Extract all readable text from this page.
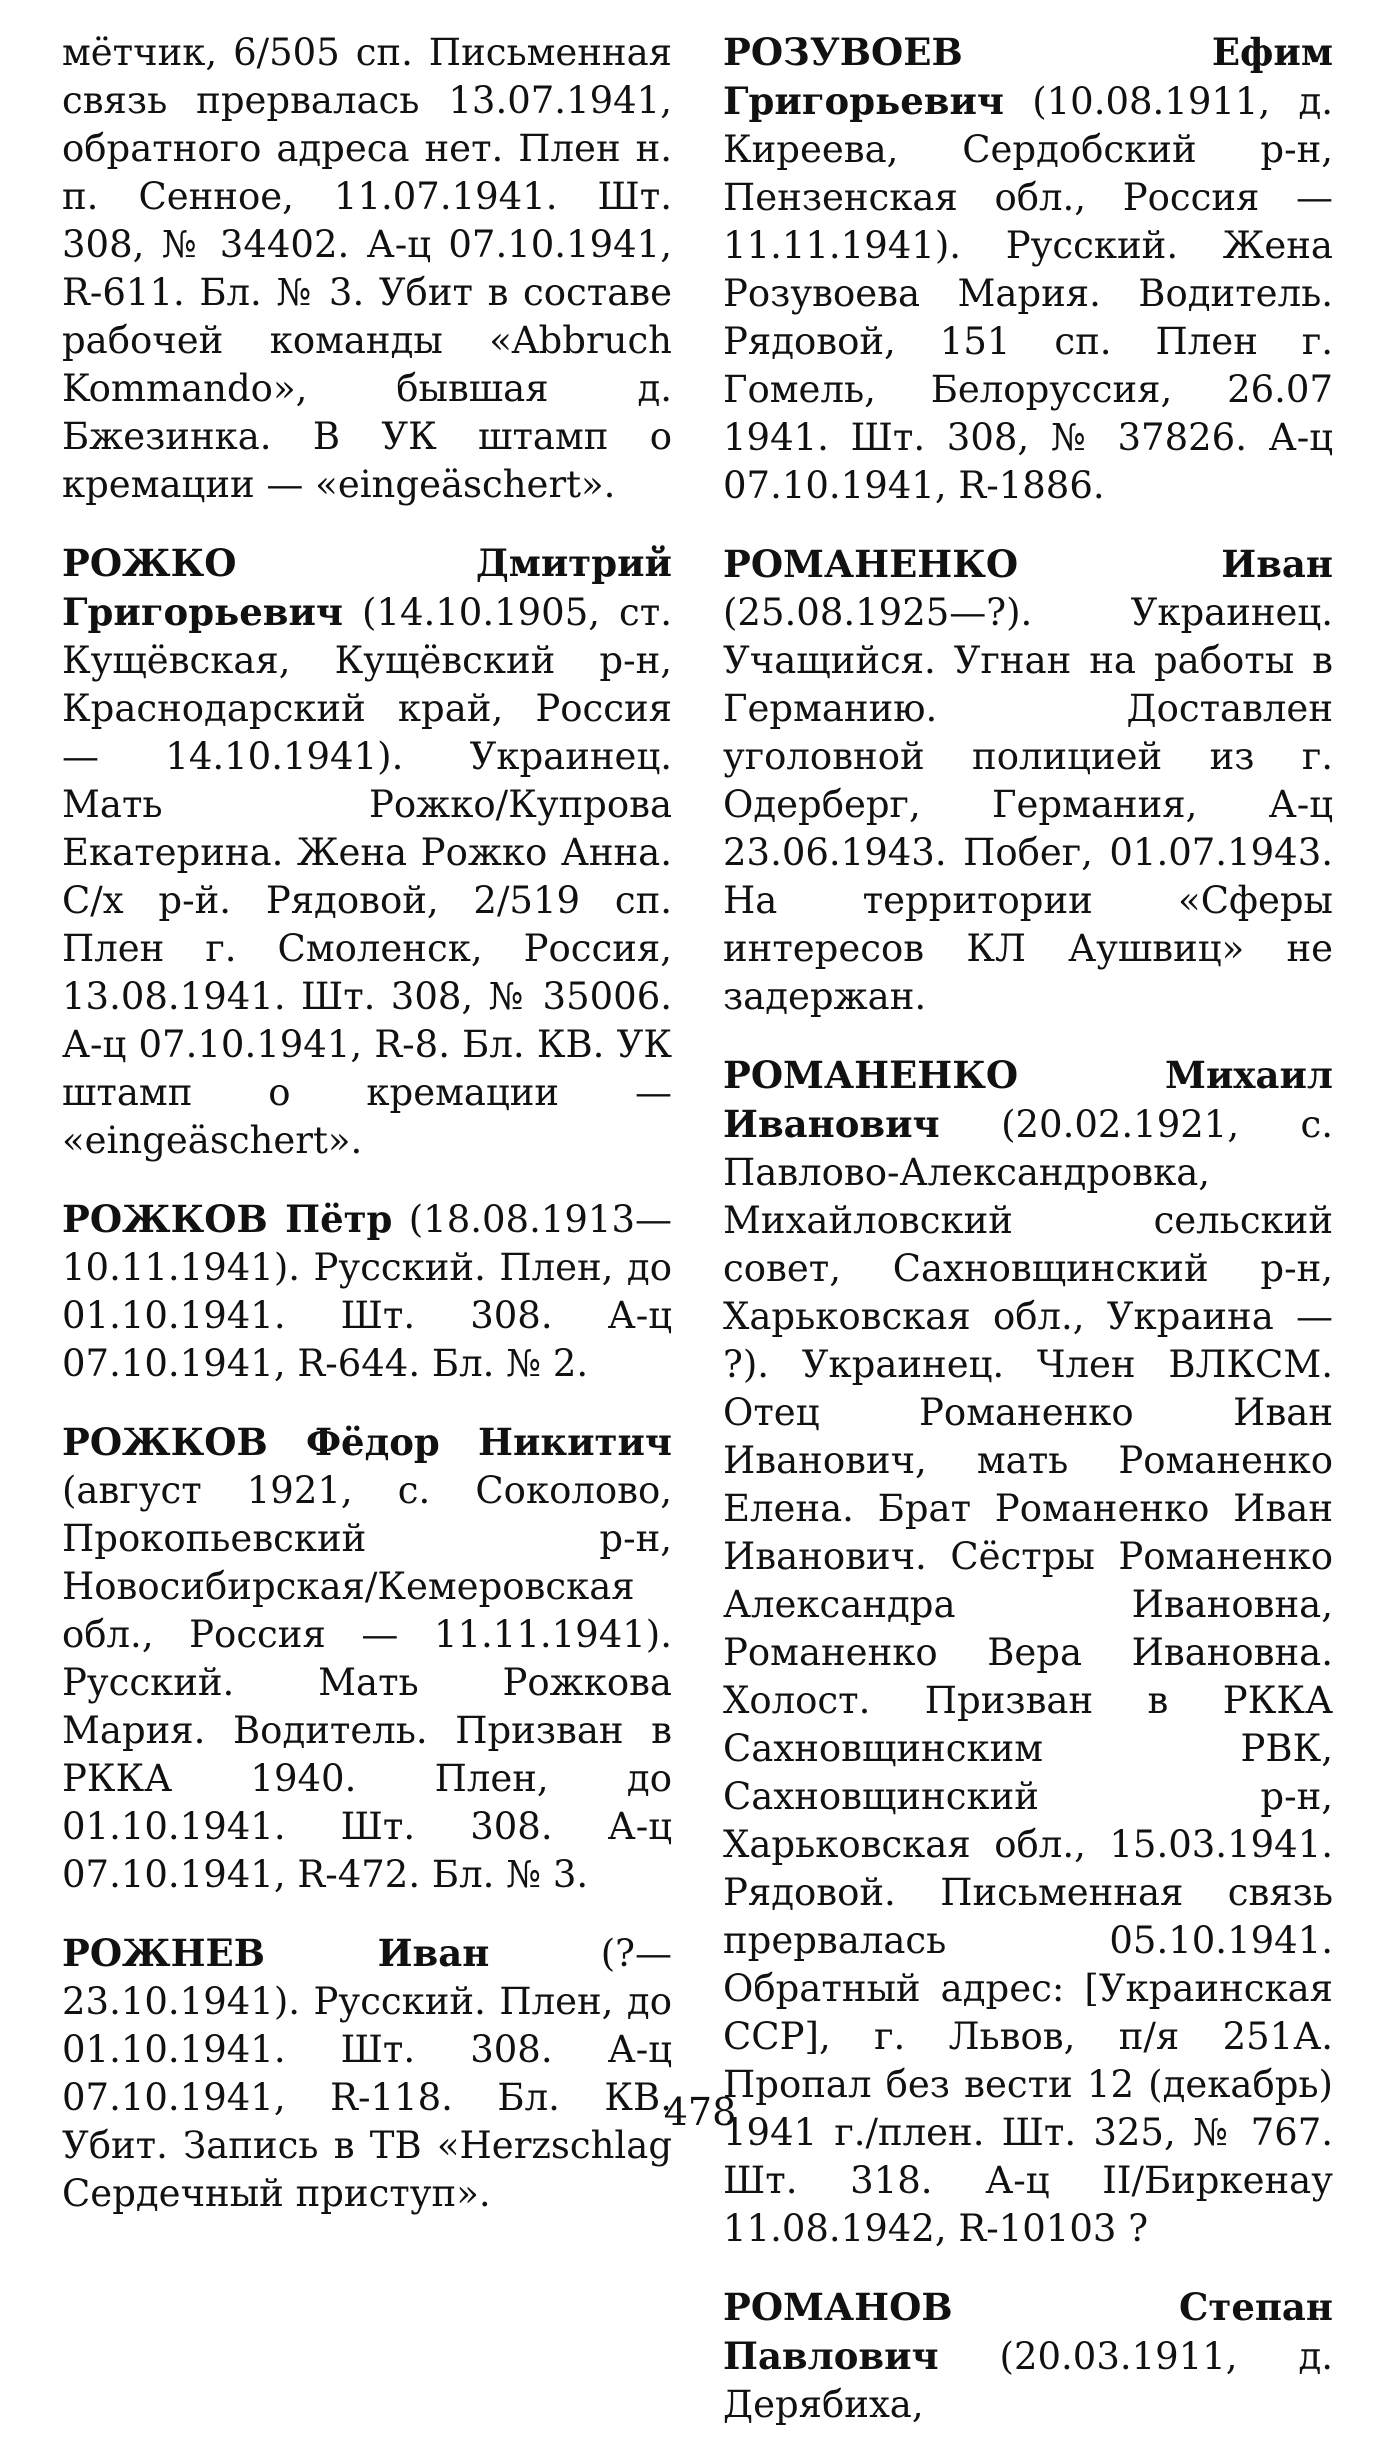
мётчик, 6/505 сп. Письменная связь прервалась 13.07.1941, обратного адреса нет. Плен н. п. Сенное, 11.07.1941. Шт. 308, № 34402. А-ц 07.10.1941, R-611. Бл. № 3. Убит в составе рабочей команды «Abbruch Kommando», бывшая д. Бжезинка. В УК штамп о кремации — «eingeäschert».

РОЖКО Дмитрий Григорьевич (14.10.1905, ст. Кущёвская, Кущёвский р-н, Краснодарский край, Россия — 14.10.1941). Украинец. Мать Рожко/Купрова Екатерина. Жена Рожко Анна. С/х р-й. Рядовой, 2/519 сп. Плен г. Смоленск, Россия, 13.08.1941. Шт. 308, № 35006. А-ц 07.10.1941, R-8. Бл. КВ. УК штамп о кремации — «eingeäschert».

РОЖКОВ Пётр (18.08.1913—10.11.1941). Русский. Плен, до 01.10.1941. Шт. 308. А-ц 07.10.1941, R-644. Бл. № 2.

РОЖКОВ Фёдор Никитич (август 1921, с. Соколово, Прокопьевский р-н, Новосибирская/Кемеровская обл., Россия — 11.11.1941). Русский. Мать Рожкова Мария. Водитель. Призван в РККА 1940. Плен, до 01.10.1941. Шт. 308. А-ц 07.10.1941, R-472. Бл. № 3.

РОЖНЕВ Иван	(?—23.10.1941). Русский. Плен, до 01.10.1941. Шт. 308. А-ц 07.10.1941, R-118. Бл. КВ. Убит. Запись в ТВ «Herzschlag Сердечный приступ».

РОЗУВОЕВ Ефим Григорьевич (10.08.1911, д. Киреева, Сердобский р-н, Пензенская обл., Россия — 11.11.1941). Русский. Жена Розувоева Мария. Водитель. Рядовой, 151 сп. Плен г. Гомель, Белоруссия, 26.07 1941. Шт. 308, № 37826. А-ц 07.10.1941, R-1886.

РОМАНЕНКО Иван (25.08.1925—?). Украинец. Учащийся. Угнан на работы в Германию. Доставлен уголовной полицией из г. Одерберг, Германия, А-ц 23.06.1943. Побег, 01.07.1943. На территории «Сферы интересов КЛ Аушвиц» не задержан.

РОМАНЕНКО Михаил Иванович (20.02.1921, с. Павлово-Александровка, Михайловский сельский совет, Сахновщинский р-н, Харьковская обл., Украина — ?). Украинец. Член ВЛКСМ. Отец Романенко Иван Иванович, мать Романенко Елена. Брат Романенко Иван Иванович. Сёстры Романенко Александра Ивановна, Романенко Вера Ивановна. Холост. Призван в РККА Сахновщинским РВК, Сахновщинский р-н, Харьковская обл., 15.03.1941. Рядовой. Письменная связь прервалась 05.10.1941. Обратный адрес: [Украинская ССР], г. Львов, п/я 251А. Пропал без вести 12 (декабрь) 1941 г./плен. Шт. 325, № 767. Шт. 318. А-ц II/Биркенау 11.08.1942, R-10103 ?

РОМАНОВ Степан Павлович (20.03.1911, д. Дерябиха,

478
